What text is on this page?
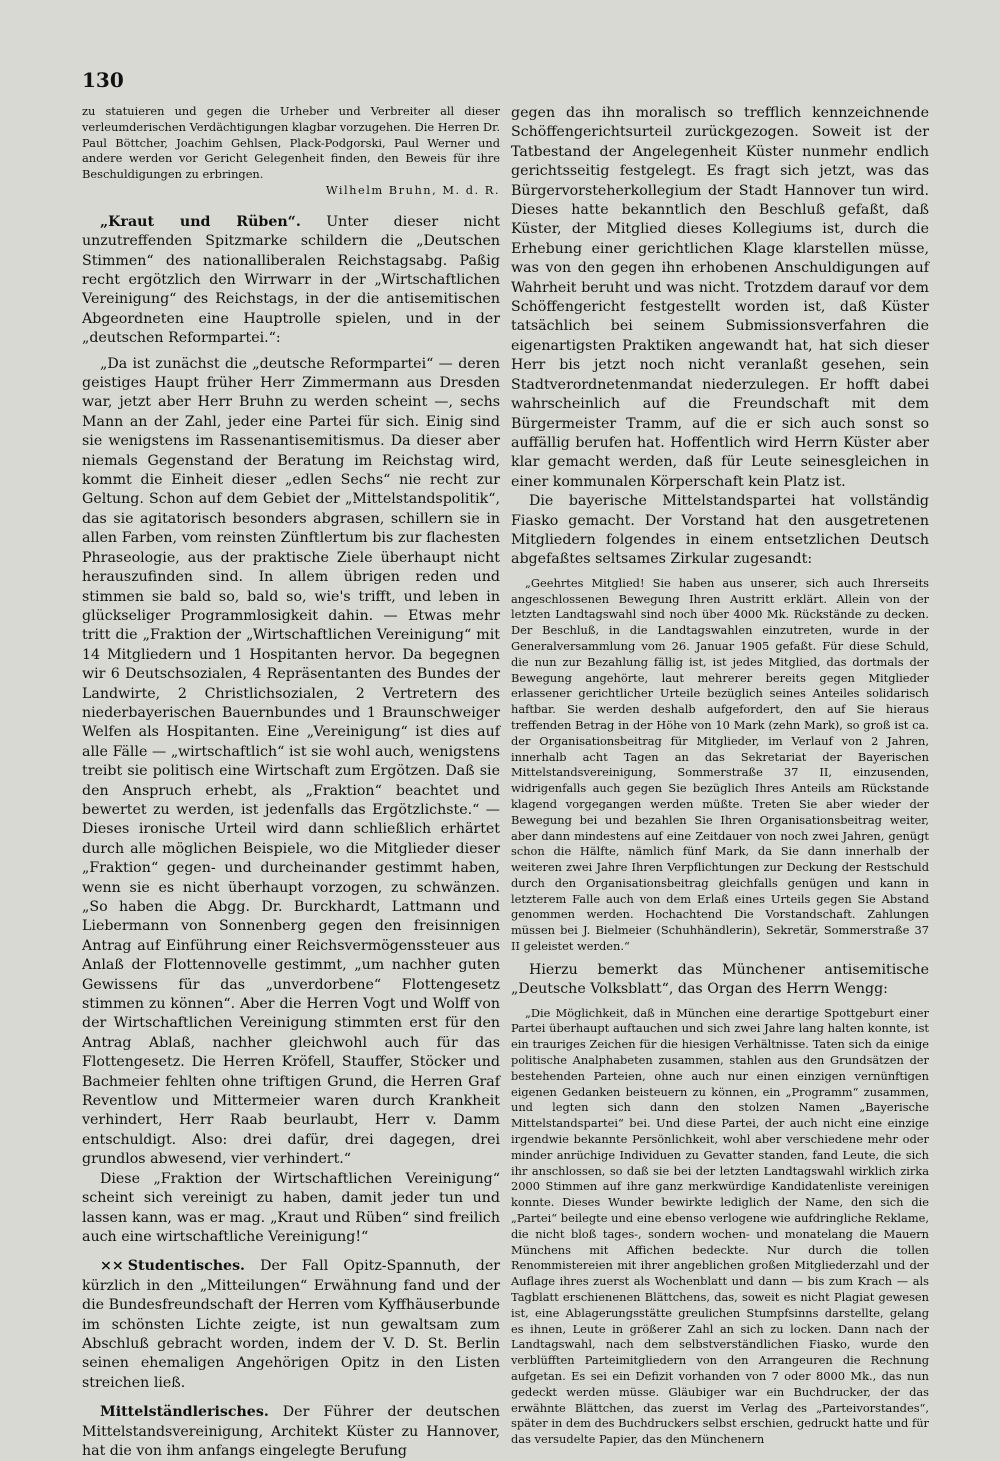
130

zu statuieren und gegen die Urheber und Verbreiter all dieser verleumderischen Verdächtigungen klagbar vorzugehen. Die Herren Dr. Paul Böttcher, Joachim Gehlsen, Plack-Podgorski, Paul Werner und andere werden vor Gericht Gelegenheit finden, den Beweis für ihre Beschuldigungen zu erbringen.

Wilhelm Bruhn, M. d. R.

„Kraut und Rüben“. Unter dieser nicht unzutreffenden Spitzmarke schildern die „Deutschen Stimmen“ des nationalliberalen Reichstagsabg. Paßig recht ergötzlich den Wirrwarr in der „Wirtschaftlichen Vereinigung“ des Reichstags, in der die antisemitischen Abgeordneten eine Hauptrolle spielen, und in der „deutschen Reformpartei.“:

„Da ist zunächst die „deutsche Reformpartei“ — deren geistiges Haupt früher Herr Zimmermann aus Dresden war, jetzt aber Herr Bruhn zu werden scheint —, sechs Mann an der Zahl, jeder eine Partei für sich. Einig sind sie wenigstens im Rassenantisemitismus. Da dieser aber niemals Gegenstand der Beratung im Reichstag wird, kommt die Einheit dieser „edlen Sechs“ nie recht zur Geltung. Schon auf dem Gebiet der „Mittelstandspolitik“, das sie agitatorisch besonders abgrasen, schillern sie in allen Farben, vom reinsten Zünftlertum bis zur flachesten Phraseologie, aus der praktische Ziele überhaupt nicht herauszufinden sind. In allem übrigen reden und stimmen sie bald so, bald so, wie's trifft, und leben in glückseliger Programmlosigkeit dahin. — Etwas mehr tritt die „Fraktion der „Wirtschaftlichen Vereinigung“ mit 14 Mitgliedern und 1 Hospitanten hervor. Da begegnen wir 6 Deutschsozialen, 4 Repräsentanten des Bundes der Landwirte, 2 Christlichsozialen, 2 Vertretern des niederbayerischen Bauernbundes und 1 Braunschweiger Welfen als Hospitanten. Eine „Vereinigung“ ist dies auf alle Fälle — „wirtschaftlich“ ist sie wohl auch, wenigstens treibt sie politisch eine Wirtschaft zum Ergötzen. Daß sie den Anspruch erhebt, als „Fraktion“ beachtet und bewertet zu werden, ist jedenfalls das Ergötzlichste.“ — Dieses ironische Urteil wird dann schließlich erhärtet durch alle möglichen Beispiele, wo die Mitglieder dieser „Fraktion“ gegen- und durcheinander gestimmt haben, wenn sie es nicht überhaupt vorzogen, zu schwänzen. „So haben die Abgg. Dr. Burckhardt, Lattmann und Liebermann von Sonnenberg gegen den freisinnigen Antrag auf Einführung einer Reichsvermögenssteuer aus Anlaß der Flottennovelle gestimmt, „um nachher guten Gewissens für das „unverdorbene“ Flottengesetz stimmen zu können“. Aber die Herren Vogt und Wolff von der Wirtschaftlichen Vereinigung stimmten erst für den Antrag Ablaß, nachher gleichwohl auch für das Flottengesetz. Die Herren Kröfell, Stauffer, Stöcker und Bachmeier fehlten ohne triftigen Grund, die Herren Graf Reventlow und Mittermeier waren durch Krankheit verhindert, Herr Raab beurlaubt, Herr v. Damm entschuldigt. Also: drei dafür, drei dagegen, drei grundlos abwesend, vier verhindert.“

Diese „Fraktion der Wirtschaftlichen Vereinigung“ scheint sich vereinigt zu haben, damit jeder tun und lassen kann, was er mag. „Kraut und Rüben“ sind freilich auch eine wirtschaftliche Vereinigung!“

×× Studentisches. Der Fall Opitz-Spannuth, der kürzlich in den „Mitteilungen“ Erwähnung fand und der die Bundesfreundschaft der Herren vom Kyffhäuserbunde im schönsten Lichte zeigte, ist nun gewaltsam zum Abschluß gebracht worden, indem der V. D. St. Berlin seinen ehemaligen Angehörigen Opitz in den Listen streichen ließ.

Mittelständlerisches. Der Führer der deutschen Mittelstandsvereinigung, Architekt Küster zu Hannover, hat die von ihm anfangs eingelegte Berufung

gegen das ihn moralisch so trefflich kennzeichnende Schöffengerichtsurteil zurückgezogen. Soweit ist der Tatbestand der Angelegenheit Küster nunmehr endlich gerichtsseitig festgelegt. Es fragt sich jetzt, was das Bürgervorsteherkollegium der Stadt Hannover tun wird. Dieses hatte bekanntlich den Beschluß gefaßt, daß Küster, der Mitglied dieses Kollegiums ist, durch die Erhebung einer gerichtlichen Klage klarstellen müsse, was von den gegen ihn erhobenen Anschuldigungen auf Wahrheit beruht und was nicht. Trotzdem darauf vor dem Schöffengericht festgestellt worden ist, daß Küster tatsächlich bei seinem Submissionsverfahren die eigenartigsten Praktiken angewandt hat, hat sich dieser Herr bis jetzt noch nicht veranlaßt gesehen, sein Stadtverordnetenmandat niederzulegen. Er hofft dabei wahrscheinlich auf die Freundschaft mit dem Bürgermeister Tramm, auf die er sich auch sonst so auffällig berufen hat. Hoffentlich wird Herrn Küster aber klar gemacht werden, daß für Leute seinesgleichen in einer kommunalen Körperschaft kein Platz ist.

Die bayerische Mittelstandspartei hat vollständig Fiasko gemacht. Der Vorstand hat den ausgetretenen Mitgliedern folgendes in einem entsetzlichen Deutsch abgefaßtes seltsames Zirkular zugesandt:

„Geehrtes Mitglied! Sie haben aus unserer, sich auch Ihrerseits angeschlossenen Bewegung Ihren Austritt erklärt. Allein von der letzten Landtagswahl sind noch über 4000 Mk. Rückstände zu decken. Der Beschluß, in die Landtagswahlen einzutreten, wurde in der Generalversammlung vom 26. Januar 1905 gefaßt. Für diese Schuld, die nun zur Bezahlung fällig ist, ist jedes Mitglied, das dortmals der Bewegung angehörte, laut mehrerer bereits gegen Mitglieder erlassener gerichtlicher Urteile bezüglich seines Anteiles solidarisch haftbar. Sie werden deshalb aufgefordert, den auf Sie hieraus treffenden Betrag in der Höhe von 10 Mark (zehn Mark), so groß ist ca. der Organisationsbeitrag für Mitglieder, im Verlauf von 2 Jahren, innerhalb acht Tagen an das Sekretariat der Bayerischen Mittelstandsvereinigung, Sommerstraße 37 II, einzusenden, widrigenfalls auch gegen Sie bezüglich Ihres Anteils am Rückstande klagend vorgegangen werden müßte. Treten Sie aber wieder der Bewegung bei und bezahlen Sie Ihren Organisationsbeitrag weiter, aber dann mindestens auf eine Zeitdauer von noch zwei Jahren, genügt schon die Hälfte, nämlich fünf Mark, da Sie dann innerhalb der weiteren zwei Jahre Ihren Verpflichtungen zur Deckung der Restschuld durch den Organisationsbeitrag gleichfalls genügen und kann in letzterem Falle auch von dem Erlaß eines Urteils gegen Sie Abstand genommen werden. Hochachtend Die Vorstandschaft. Zahlungen müssen bei J. Bielmeier (Schuhhändlerin), Sekretär, Sommerstraße 37 II geleistet werden.“

Hierzu bemerkt das Münchener antisemitische „Deutsche Volksblatt“, das Organ des Herrn Wengg:

„Die Möglichkeit, daß in München eine derartige Spottgeburt einer Partei überhaupt auftauchen und sich zwei Jahre lang halten konnte, ist ein trauriges Zeichen für die hiesigen Verhältnisse. Taten sich da einige politische Analphabeten zusammen, stahlen aus den Grundsätzen der bestehenden Parteien, ohne auch nur einen einzigen vernünftigen eigenen Gedanken beisteuern zu können, ein „Programm“ zusammen, und legten sich dann den stolzen Namen „Bayerische Mittelstandspartei“ bei. Und diese Partei, der auch nicht eine einzige irgendwie bekannte Persönlichkeit, wohl aber verschiedene mehr oder minder anrüchige Individuen zu Gevatter standen, fand Leute, die sich ihr anschlossen, so daß sie bei der letzten Landtagswahl wirklich zirka 2000 Stimmen auf ihre ganz merkwürdige Kandidatenliste vereinigen konnte. Dieses Wunder bewirkte lediglich der Name, den sich die „Partei“ beilegte und eine ebenso verlogene wie aufdringliche Reklame, die nicht bloß tages-, sondern wochen- und monatelang die Mauern Münchens mit Affichen bedeckte. Nur durch die tollen Renommistereien mit ihrer angeblichen großen Mitgliederzahl und der Auflage ihres zuerst als Wochenblatt und dann — bis zum Krach — als Tagblatt erschienenen Blättchens, das, soweit es nicht Plagiat gewesen ist, eine Ablagerungsstätte greulichen Stumpfsinns darstellte, gelang es ihnen, Leute in größerer Zahl an sich zu locken. Dann nach der Landtagswahl, nach dem selbstverständlichen Fiasko, wurde den verblüfften Parteimitgliedern von den Arrangeuren die Rechnung aufgetan. Es sei ein Defizit vorhanden von 7 oder 8000 Mk., das nun gedeckt werden müsse. Gläubiger war ein Buchdrucker, der das erwähnte Blättchen, das zuerst im Verlag des „Parteivorstandes“, später in dem des Buchdruckers selbst erschien, gedruckt hatte und für das versudelte Papier, das den Münchenern
